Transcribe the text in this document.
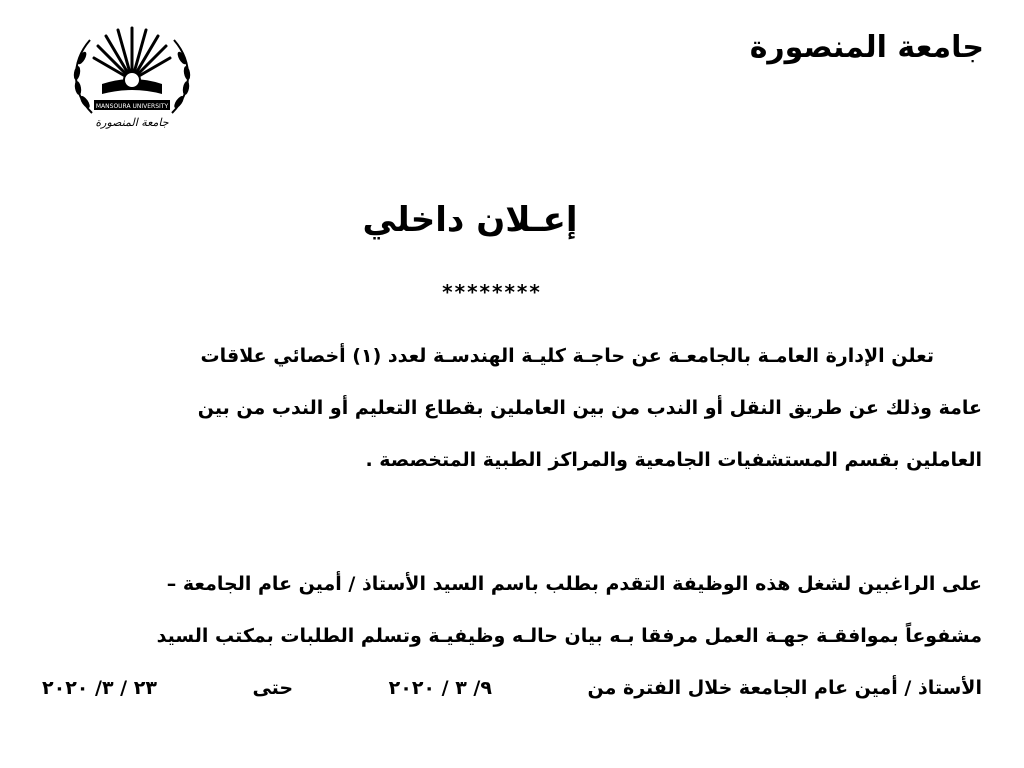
MANSOURA UNIVERSITY
جامعة المنصورة
جامعة المنصورة
إعـلان داخلي
********
تعلن الإدارة العامـة بالجامعـة عن حاجـة كليـة الهندسـة لعدد (١) أخصائي علاقات
عامة وذلك عن طريق النقل أو الندب من بين العاملين بقطاع التعليم أو الندب من بين
العاملين بقسم المستشفيات الجامعية والمراكز الطبية المتخصصة .
على الراغبين لشغل هذه الوظيفة التقدم بطلب باسم السيد الأستاذ / أمين عام الجامعة –
مشفوعاً بموافقـة جهـة العمل مرفقا بـه بيان حالـه وظيفيـة وتسلم الطلبات بمكتب السيد
٢٣ / ٣/ ٢٠٢٠	حتى	٩/ ٣ / ٢٠٢٠	الأستاذ / أمين عام الجامعة خلال الفترة من
